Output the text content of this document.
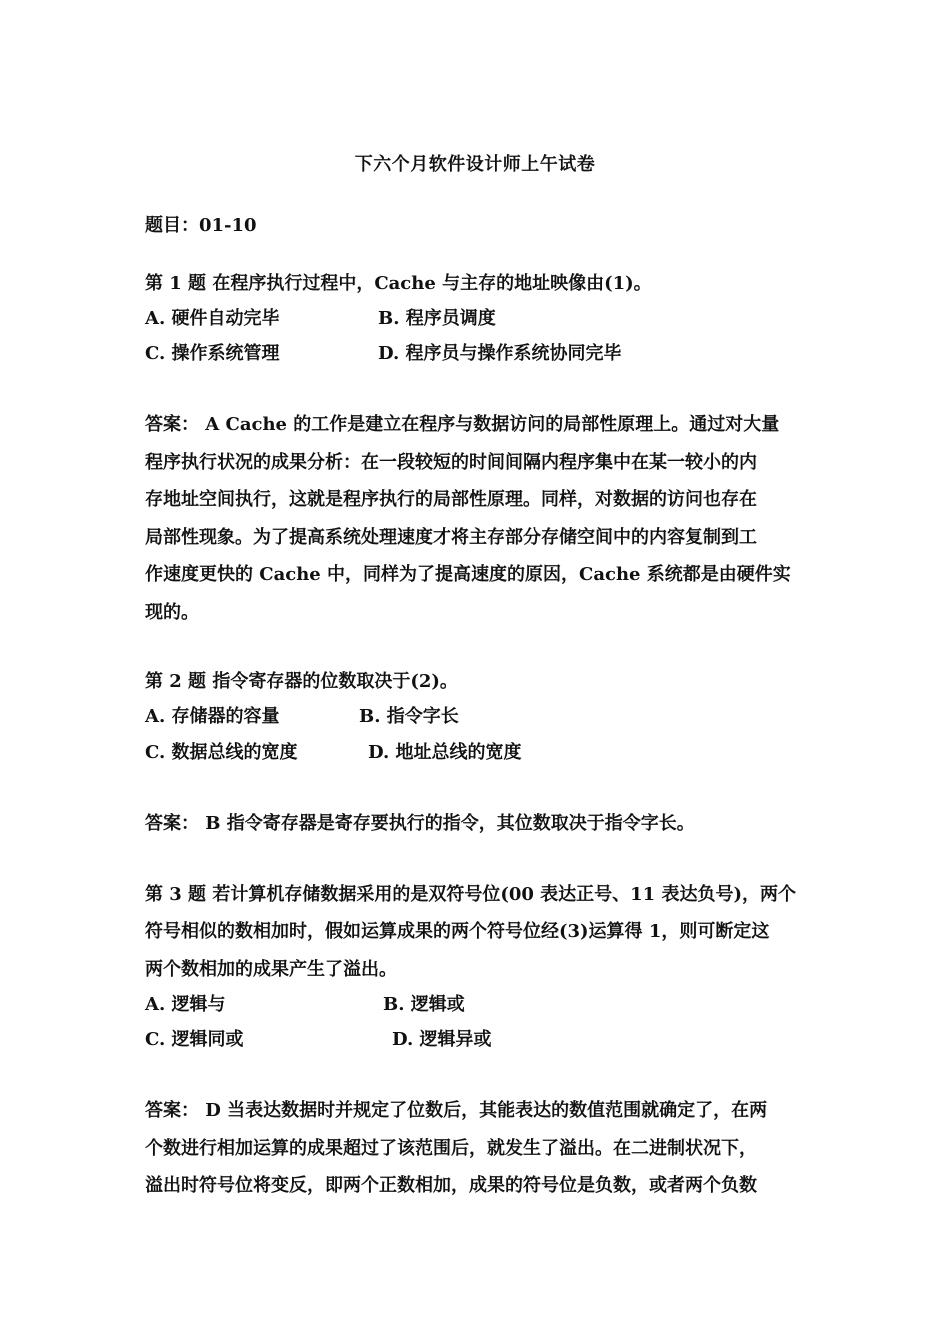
下六个月软件设计师上午试卷
题目：01-10
第 1 题 在程序执行过程中，Cache 与主存的地址映像由(1)。
A. 硬件自动完毕	B. 程序员调度
C. 操作系统管理	D. 程序员与操作系统协同完毕
答案： A Cache 的工作是建立在程序与数据访问的局部性原理上。通过对大量
程序执行状况的成果分析：在一段较短的时间间隔内程序集中在某一较小的内
存地址空间执行，这就是程序执行的局部性原理。同样，对数据的访问也存在
局部性现象。为了提高系统处理速度才将主存部分存储空间中的内容复制到工
作速度更快的 Cache 中，同样为了提高速度的原因，Cache 系统都是由硬件实
现的。
第 2 题 指令寄存器的位数取决于(2)。
A. 存储器的容量	B. 指令字长
C. 数据总线的宽度	D. 地址总线的宽度
答案： B 指令寄存器是寄存要执行的指令，其位数取决于指令字长。
第 3 题 若计算机存储数据采用的是双符号位(00 表达正号、11 表达负号)，两个
符号相似的数相加时，假如运算成果的两个符号位经(3)运算得 1，则可断定这
两个数相加的成果产生了溢出。
A. 逻辑与	B. 逻辑或
C. 逻辑同或	D. 逻辑异或
答案： D 当表达数据时并规定了位数后，其能表达的数值范围就确定了，在两
个数进行相加运算的成果超过了该范围后，就发生了溢出。在二进制状况下，
溢出时符号位将变反，即两个正数相加，成果的符号位是负数，或者两个负数
